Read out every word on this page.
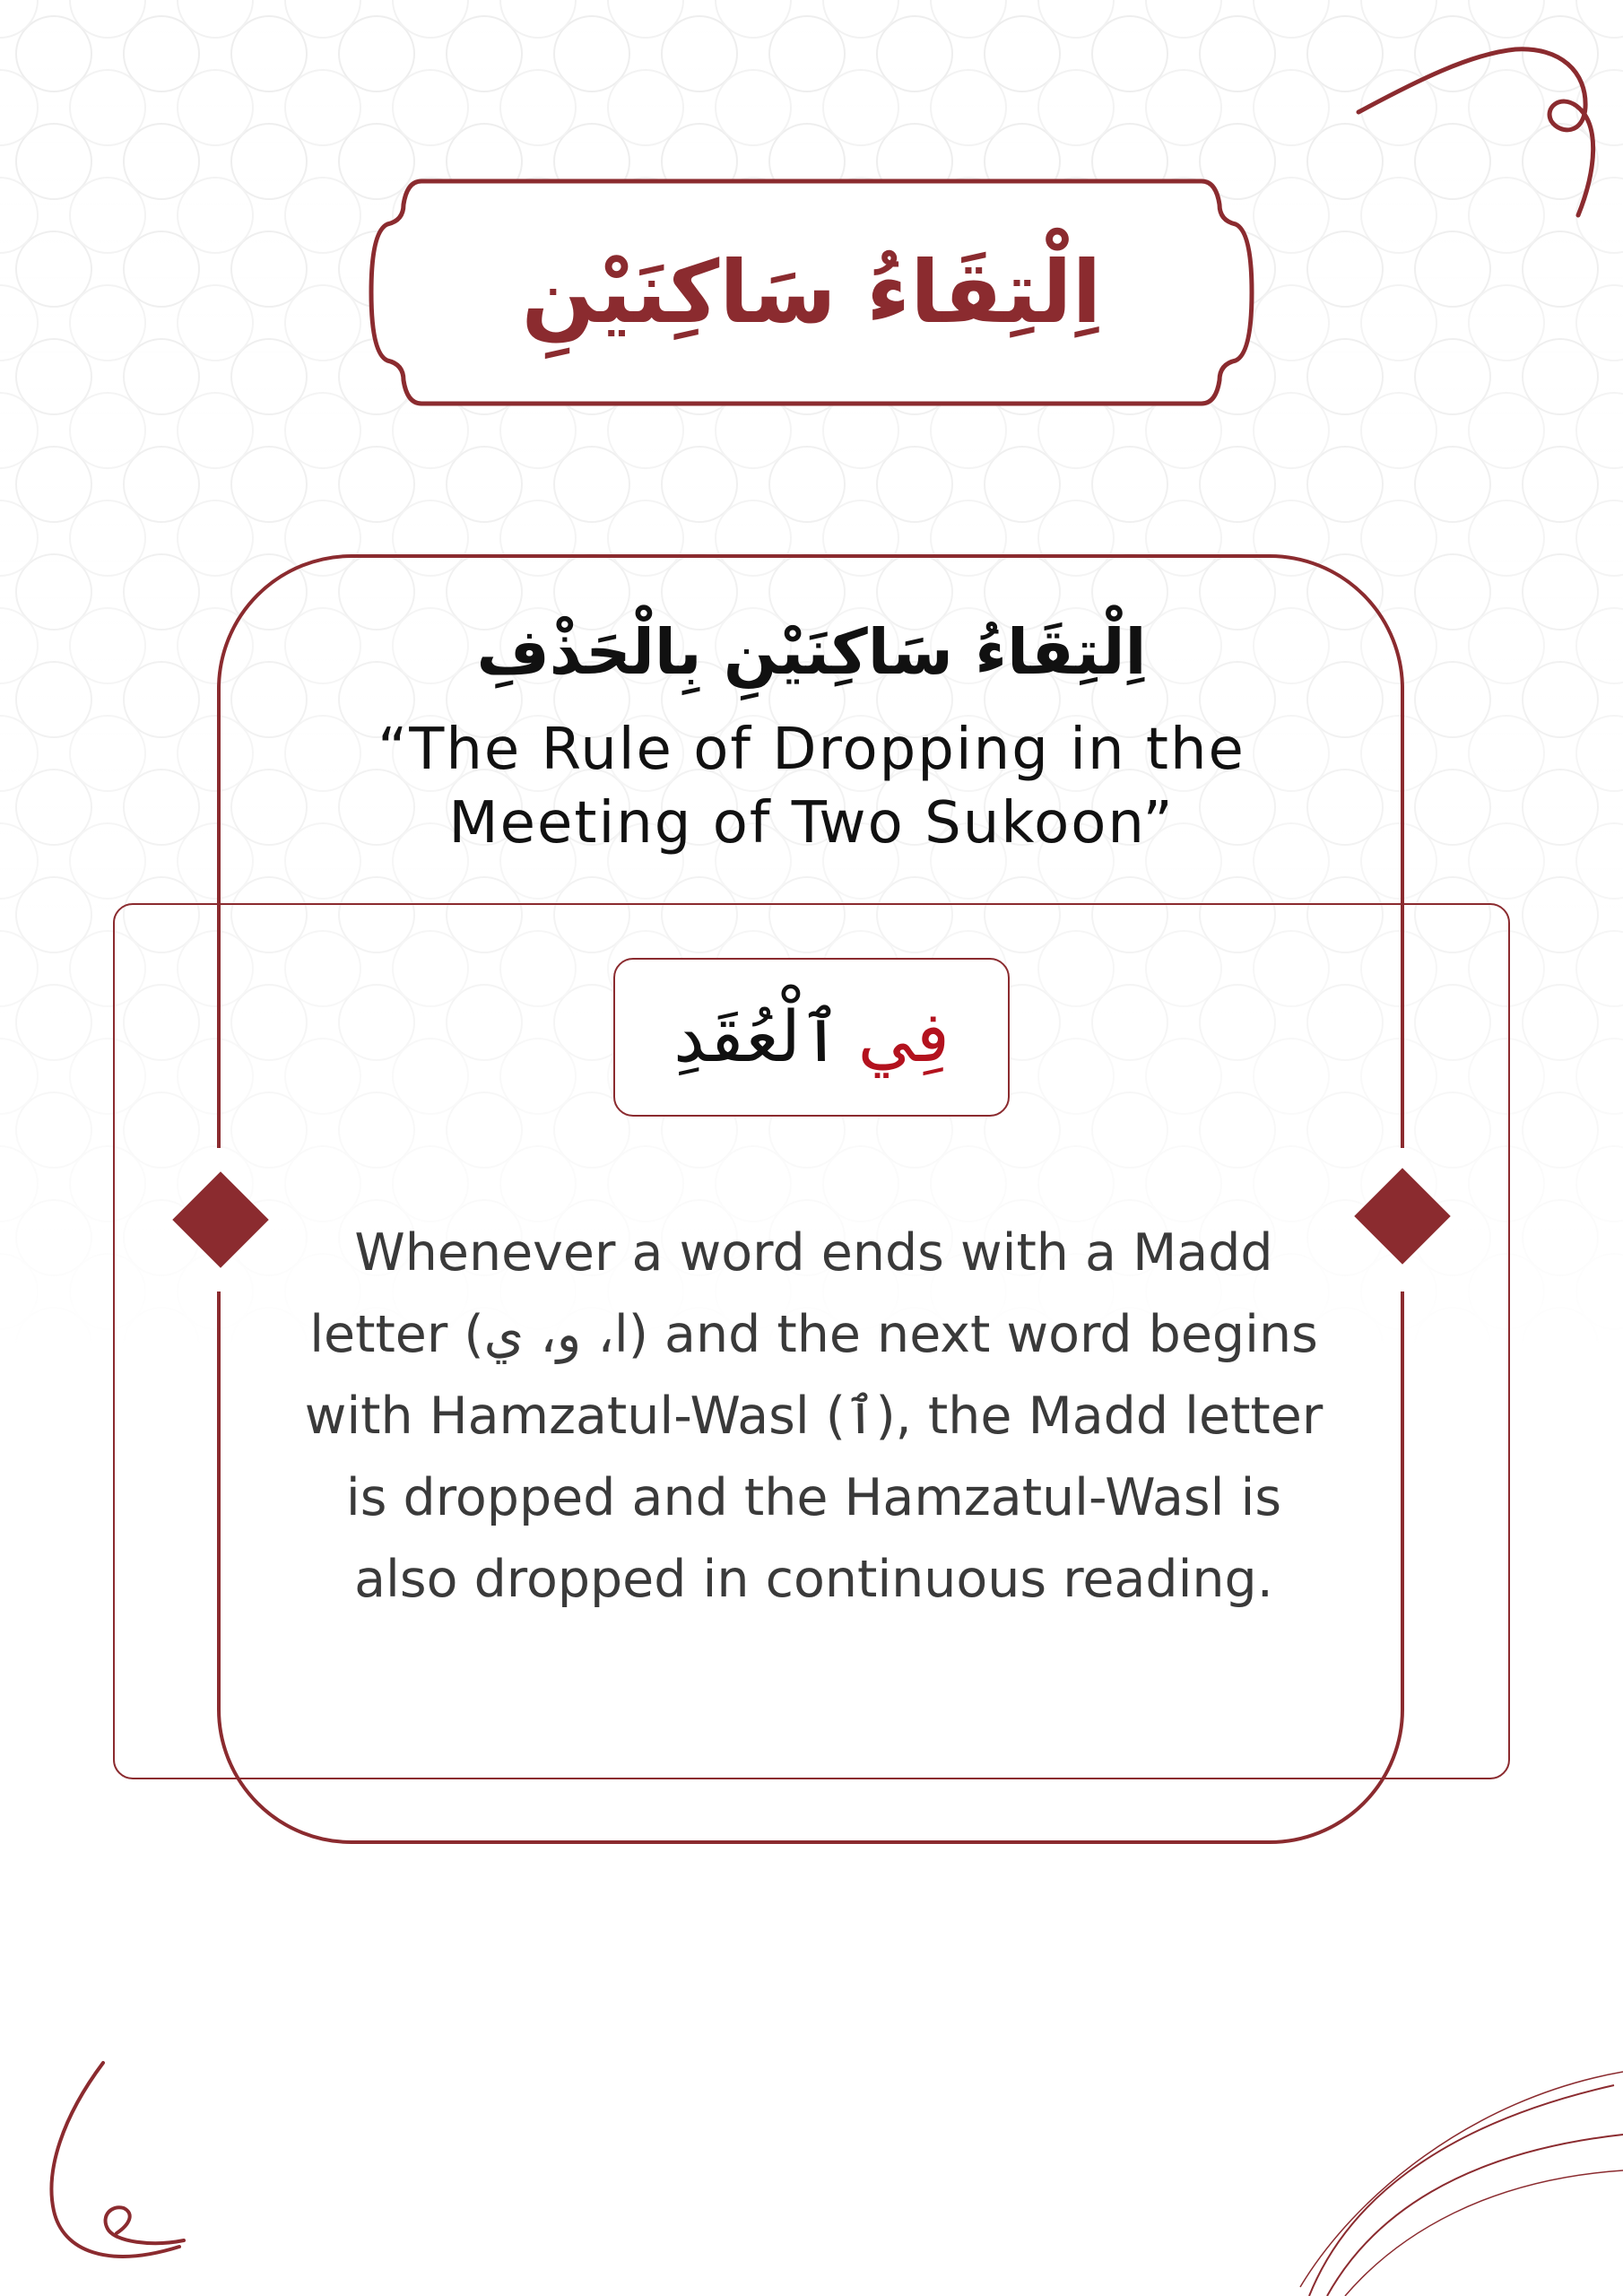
اِلْتِقَاءُ سَاكِنَيْنِ
اِلْتِقَاءُ سَاكِنَيْنِ بِالْحَذْفِ
“The Rule of Dropping in the Meeting of Two Sukoon”
فِي
ٱلْعُقَدِ
Whenever a word ends with a Madd letter (ا، و، ي) and the next word begins with Hamzatul-Wasl (ٱ), the Madd letter is dropped and the Hamzatul-Wasl is also dropped in continuous reading.
